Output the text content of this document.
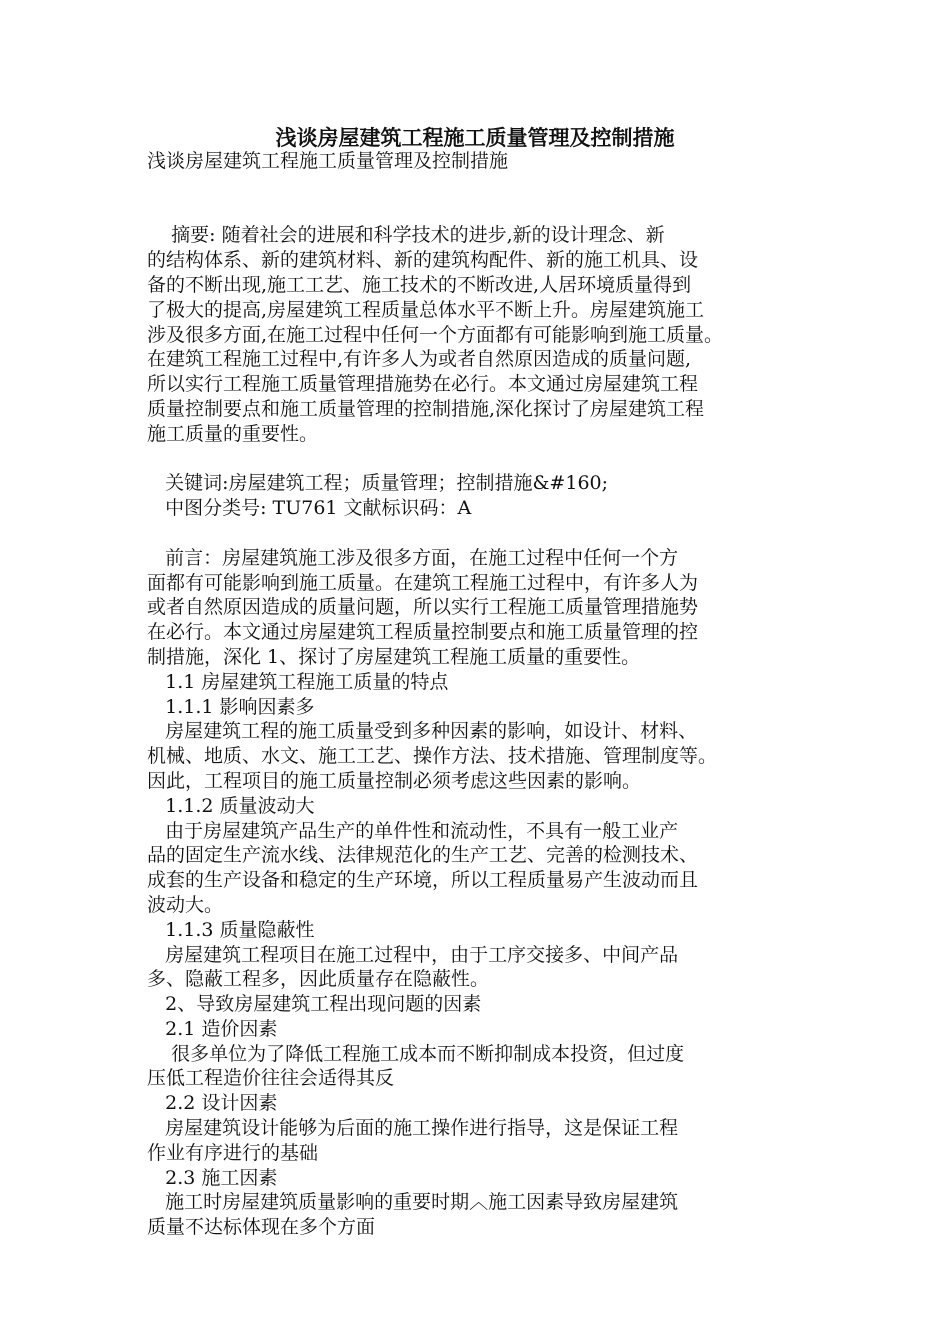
浅谈房屋建筑工程施工质量管理及控制措施
浅谈房屋建筑工程施工质量管理及控制措施
摘要: 随着社会的进展和科学技术的进步,新的设计理念、新
的结构体系、新的建筑材料、新的建筑构配件、新的施工机具、设
备的不断出现,施工工艺、施工技术的不断改进,人居环境质量得到
了极大的提高,房屋建筑工程质量总体水平不断上升。房屋建筑施工
涉及很多方面,在施工过程中任何一个方面都有可能影响到施工质量。
在建筑工程施工过程中,有许多人为或者自然原因造成的质量问题,
所以实行工程施工质量管理措施势在必行。本文通过房屋建筑工程
质量控制要点和施工质量管理的控制措施,深化探讨了房屋建筑工程
施工质量的重要性。
关键词:房屋建筑工程；质量管理；控制措施&#160;
中图分类号: TU761 文献标识码：A
前言：房屋建筑施工涉及很多方面，在施工过程中任何一个方
面都有可能影响到施工质量。在建筑工程施工过程中，有许多人为
或者自然原因造成的质量问题，所以实行工程施工质量管理措施势
在必行。本文通过房屋建筑工程质量控制要点和施工质量管理的控
制措施，深化 1、探讨了房屋建筑工程施工质量的重要性。
1.1 房屋建筑工程施工质量的特点
1.1.1 影响因素多
房屋建筑工程的施工质量受到多种因素的影响，如设计、材料、
机械、地质、水文、施工工艺、操作方法、技术措施、管理制度等。
因此，工程项目的施工质量控制必须考虑这些因素的影响。
1.1.2 质量波动大
由于房屋建筑产品生产的单件性和流动性，不具有一般工业产
品的固定生产流水线、法律规范化的生产工艺、完善的检测技术、
成套的生产设备和稳定的生产环境，所以工程质量易产生波动而且
波动大。
1.1.3 质量隐蔽性
房屋建筑工程项目在施工过程中，由于工序交接多、中间产品
多、隐蔽工程多，因此质量存在隐蔽性。
2、导致房屋建筑工程出现问题的因素
2.1 造价因素
很多单位为了降低工程施工成本而不断抑制成本投资，但过度
压低工程造价往往会适得其反
2.2 设计因素
房屋建筑设计能够为后面的施工操作进行指导，这是保证工程
作业有序进行的基础
2.3 施工因素
施工时房屋建筑质量影响的重要时期︿施工因素导致房屋建筑
质量不达标体现在多个方面
